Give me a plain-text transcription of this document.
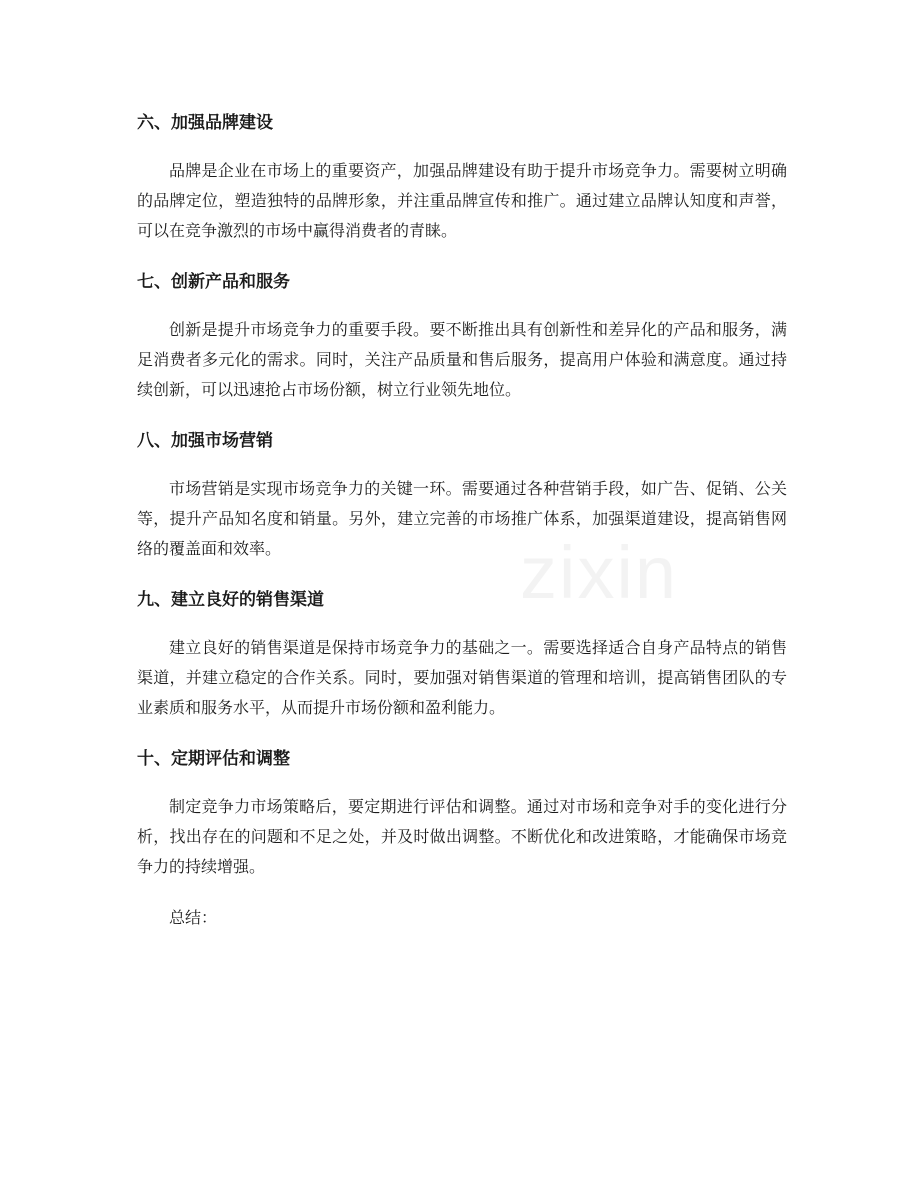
zixin
六、加强品牌建设

品牌是企业在市场上的重要资产，加强品牌建设有助于提升市场竞争力。需要树立明确的品牌定位，塑造独特的品牌形象，并注重品牌宣传和推广。通过建立品牌认知度和声誉，可以在竞争激烈的市场中赢得消费者的青睐。

七、创新产品和服务

创新是提升市场竞争力的重要手段。要不断推出具有创新性和差异化的产品和服务，满足消费者多元化的需求。同时，关注产品质量和售后服务，提高用户体验和满意度。通过持续创新，可以迅速抢占市场份额，树立行业领先地位。

八、加强市场营销

市场营销是实现市场竞争力的关键一环。需要通过各种营销手段，如广告、促销、公关等，提升产品知名度和销量。另外，建立完善的市场推广体系，加强渠道建设，提高销售网络的覆盖面和效率。

九、建立良好的销售渠道

建立良好的销售渠道是保持市场竞争力的基础之一。需要选择适合自身产品特点的销售渠道，并建立稳定的合作关系。同时，要加强对销售渠道的管理和培训，提高销售团队的专业素质和服务水平，从而提升市场份额和盈利能力。

十、定期评估和调整

制定竞争力市场策略后，要定期进行评估和调整。通过对市场和竞争对手的变化进行分析，找出存在的问题和不足之处，并及时做出调整。不断优化和改进策略，才能确保市场竞争力的持续增强。

总结：
